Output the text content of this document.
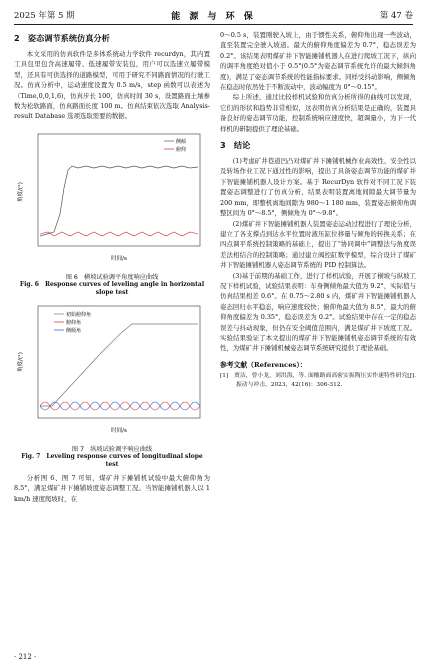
2025 年第 5 期	能 源 与 环 保	第 47 卷
2　姿态调节系统仿真分析

本文采用的仿真软件是多体系统动力学软件 recurdyn，其内置工具包里包含高速履带、低速履带安装包，用户可以选速立履带模型，还具有可供选择的道路模型，可用于研究不同路面情况的行驶工况。仿真分析中，运动速度设置为 0.5 m/s，step 函数可以表述为（Time,0,0,1,6)，仿真步长 100，仿真时间 30 s，设置路面土壤参数为松软路面，仿真路面长度 100 m。仿真结束依次选取 Analysis-result Database 选项选取需要的数据。

角度/(°)
时间/s
侧倾
俯仰
图 6　横坡试验调平角度响应曲线
Fig. 6　Response curves of leveling angle in horizontal slope test
角度/(°)
时间/s
初始俯仰角
俯仰角
侧倾角
图 7　纵坡试验调平响应曲线
Fig. 7　Leveling response curves of longitudinal slope test

分析图 6、图 7 可知，煤矿井下摊铺机试验中最大俯仰角为 8.5°，满足煤矿井下摊铺坡度姿态调整工况。当智能摊铺机器人以 1 km/h 速度爬坡时，在

0～0.5 s，装置刚驶入坡上，由于惯性关系，俯仰角出现一些波动，直至装置完全驶入坡道。最大的俯仰角度偏差为 0.7°，稳态误差为 0.2°。该结果表明煤矿井下智能摊铺机器人在进行爬坡工况下，纵向的调平角度绝对值小于 0.5°(0.5°为姿态调节系统允许的最大倾斜角度)，满足了姿态调节系统的性能指标要求。同样受抖动影响，侧倾角在稳态时依然处于不断波动中，波动幅度为 0°～0.15°。

综上所述，通过比较样机试验和仿真分析所得的曲线可以发现，它们的形状和趋势非常相似，这表明仿真分析结果是正确的，装置具备良好的姿态调节功能，控制系统响应速度快，超调量小，为下一代样机的研制提供了理论基础。

3　结论

(1)考虑矿井巷道凹凸对煤矿井下摊铺机械作业高效性、安全性以及转场作业工况下通过性的影响，提出了具备姿态调节功能的煤矿井下智能摊铺机器人设计方案。基于 RecurDyn 软件对不同工况下装置姿态调整进行了仿真分析，结果表明装置离地间隙最大调节量为 200 mm，即整机离地间隙为 980～1 180 mm，装置姿态俯仰角调整区间为 0°～8.5°，侧倾角为 0°～9.8°。

(2)煤矿井下智能摊铺机器人装置姿态运动过程进行了理论分析，建立了各支撑点到达水平位置时液压缸位移量与倾角的转换关系；在四点调平系统控制策略的基础上，提出了“协同调中”调整法与角度误差法相结合的控制策略；通过建立阀控缸数学模型，综合设计了煤矿井下智能摊铺机器人姿态调节系统的 PID 控制算法。

(3)基于前期的基础工作，进行了样机试验，开展了横坡与纵坡工况下样机试验，试验结果表明：车身侧倾角最大值为 9.2°，实际值与仿真结果相差 0.6°。在 0.75～2.80 s 内，煤矿井下智能摊铺机器人姿态回归水平稳态，响应速度较快；俯仰角最大值为 8.5°，最大的俯仰角度偏差为 0.35°，稳态误差为 0.2°。试验结果中存在一定的稳态误差与抖动现象，但仍在安全阈值范围内，满足煤矿井下坡度工况。实验结果验证了本文提出的煤矿井下智能摊铺机姿态调节系统的有效性，为煤矿井下摊铺机械姿态调节系统研究提供了理论基础。

参考文献（References）：
[1]　贾洁，曾小龙，刘洪海，等. 面酸路面高密实振陶压实作速特性研究[J]. 振动与冲击，2023，42(16)：306-312.
· 212 ·
